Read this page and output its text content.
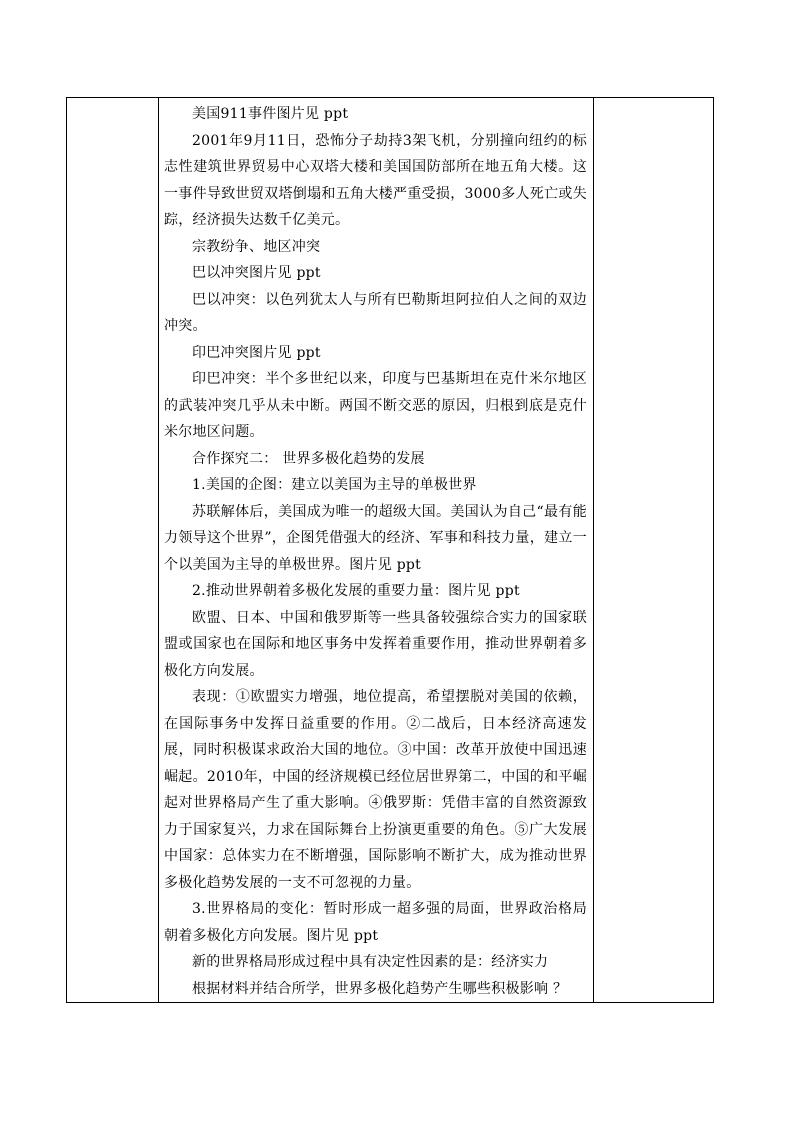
美国911事件图片见 ppt

2001年9月11日，恐怖分子劫持3架飞机，分别撞向纽约的标志性建筑世界贸易中心双塔大楼和美国国防部所在地五角大楼。这一事件导致世贸双塔倒塌和五角大楼严重受损，3000多人死亡或失踪，经济损失达数千亿美元。

宗教纷争、地区冲突

巴以冲突图片见 ppt

巴以冲突：以色列犹太人与所有巴勒斯坦阿拉伯人之间的双边冲突。

印巴冲突图片见 ppt

印巴冲突：半个多世纪以来，印度与巴基斯坦在克什米尔地区的武装冲突几乎从未中断。两国不断交恶的原因，归根到底是克什米尔地区问题。

合作探究二： 世界多极化趋势的发展

1.美国的企图：建立以美国为主导的单极世界

苏联解体后，美国成为唯一的超级大国。美国认为自己“最有能力领导这个世界”，企图凭借强大的经济、军事和科技力量，建立一个以美国为主导的单极世界。图片见 ppt

2.推动世界朝着多极化发展的重要力量：图片见 ppt

欧盟、日本、中国和俄罗斯等一些具备较强综合实力的国家联盟或国家也在国际和地区事务中发挥着重要作用，推动世界朝着多极化方向发展。

表现：①欧盟实力增强，地位提高，希望摆脱对美国的依赖，在国际事务中发挥日益重要的作用。②二战后，日本经济高速发展，同时积极谋求政治大国的地位。③中国：改革开放使中国迅速崛起。2010年，中国的经济规模已经位居世界第二，中国的和平崛起对世界格局产生了重大影响。④俄罗斯：凭借丰富的自然资源致力于国家复兴，力求在国际舞台上扮演更重要的角色。⑤广大发展中国家：总体实力在不断增强，国际影响不断扩大，成为推动世界多极化趋势发展的一支不可忽视的力量。

3.世界格局的变化：暂时形成一超多强的局面，世界政治格局朝着多极化方向发展。图片见 ppt

新的世界格局形成过程中具有决定性因素的是：经济实力

根据材料并结合所学，世界多极化趋势产生哪些积极影响 ？
